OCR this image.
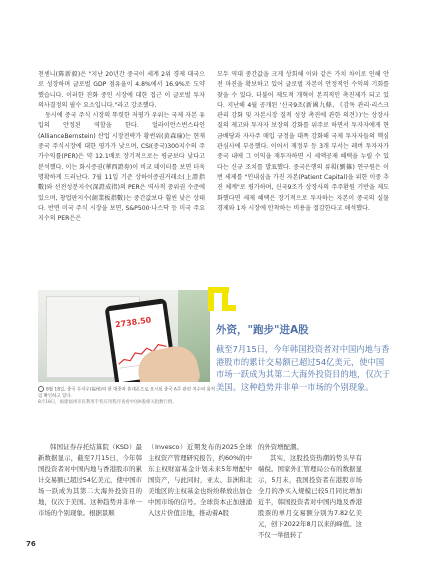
천센니(陈新毅)은 "지난 20년간 중국이 세계 2위 경제 대국으로 성장하며 글로벌 GDP 점유율이 4.8%에서 16.9%로 도약했습니다. 이러한 진화 중인 시장에 대한 접근 이 글로벌 투자 의사결정의 필수 요소입니다."라고 강조했다.

동시에 중국 주식 시장의 뚜렷한 저평가 우위는 국제 자본 유입의 안정된 역할을 한다. 얼라이언스번스타인(AllianceBernstein) 산업 시장전략가 황썬위(黄森瑜)는 현재 중국 주식시장에 대한 평가가 낮으며, CSI(중국)300지수의 주가수익률(PER)은 약 12.1배로 장기적으로는 평균보다 낮다고 분석했다. 이는 화시증권(華西證券)이 비교 데이터를 보면 더욱 명확하게 드러난다. 7월 11일 기준 상하이증권거래소(上證指數)와 선전성분지수(深證成指)의 PER은 역사적 중위권 수준에 있으며, 창업판지수(創業板指數)는 중간값보다 훨씬 낮은 상태다. 반면 미국 주식 시장을 보면, S&P500·나스닥 등 미국 주요 지수의 PER은은

모두 역대 중간값을 크게 상회해 이와 같은 가치 차이로 인해 안전 마진을 확보하고 있어 글로벌 자본이 안정적인 수익의 기회를 찾을 수 있다. 더불어 제도적 개혁이 본격적인 촉진제가 되고 있다. 지난해 4월 공개된 '신국9조(新國九條, 《감독 관리·리스크 관리 강화 및 자본시장 질적 성장 촉진에 관한 의견》)'는 상장사 질의 제고와 투자자 보장의 강화를 위주로 하면서 투자자에게 현금배당과 자사주 매입 규정을 대폭 강화해 국제 투자자들의 핵심 관심사에 부응했다. 이어서 재정부 등 3개 부서는 레버 투자자가 중국 내에 그 이익을 재투자하면 시 세액공제 혜택을 누릴 수 있다는 신규 조치를 발표했다. 중국은행의 류훠(劉篠) 연구원은 이번 세제를 "인내심을 가진 자본(Patient Capital)을 위한 이중 추진 체계"로 평가하며, 신국9조가 상장사의 주주환원 기반을 제도화했다면 세제 혜택은 장기적으로 투자하는 자본이 중국의 실물경제와 1차 시장에 안착하는 비용을 절감한다고 해석했다.

2738.50
8월 18일, 중국 푸저우(福州)의 한 대중과 휴대폰으로 표시된 중국 A주 관련 지수의 움직임 확인하고 있다.
8月18日，福建福州市民利用手机应用程序查看中国A股相关指数行情。
外资，"跑步"进A股
截至7月15日，今年韩国投资者对中国内地与香港股市的累计交易额已超过54亿美元，使中国市场一跃成为其第二大海外投资目的地，仅次于美国。这种趋势并非单一市场的个别现象。

韩国证券存托结算院（KSD）最新数据显示，截至7月15日，今年韩国投资者对中国内地与香港股市的累计交易额已超过54亿美元，使中国市场一跃成为其第二大海外投资目的地，仅次于美国。这种趋势并非单一市场的个别现象。根据景顺

（Invesco）近期发布的2025全球主权资产管理研究报告，约60%的中东主权财富基金计划未来5年增配中国资产，与此同时，亚太、非洲和北美地区的主权基金也纷纷释放出加仓中国市场的信号。全球资本正加速涌入这片价值洼地，推动着A股

的外资增配潮。

其实，这股投资热潮的势头早有端倪。国家外汇管理局公布的数据显示，5月末，我国投资者在港股市场全月的净买入规模已较5月同比增加近半，韩国投资者对中国内地及香港股票的单月交易额分别为7.82亿美元，创下2022年8月以来的峰值。这不仅一举扭转了

76
